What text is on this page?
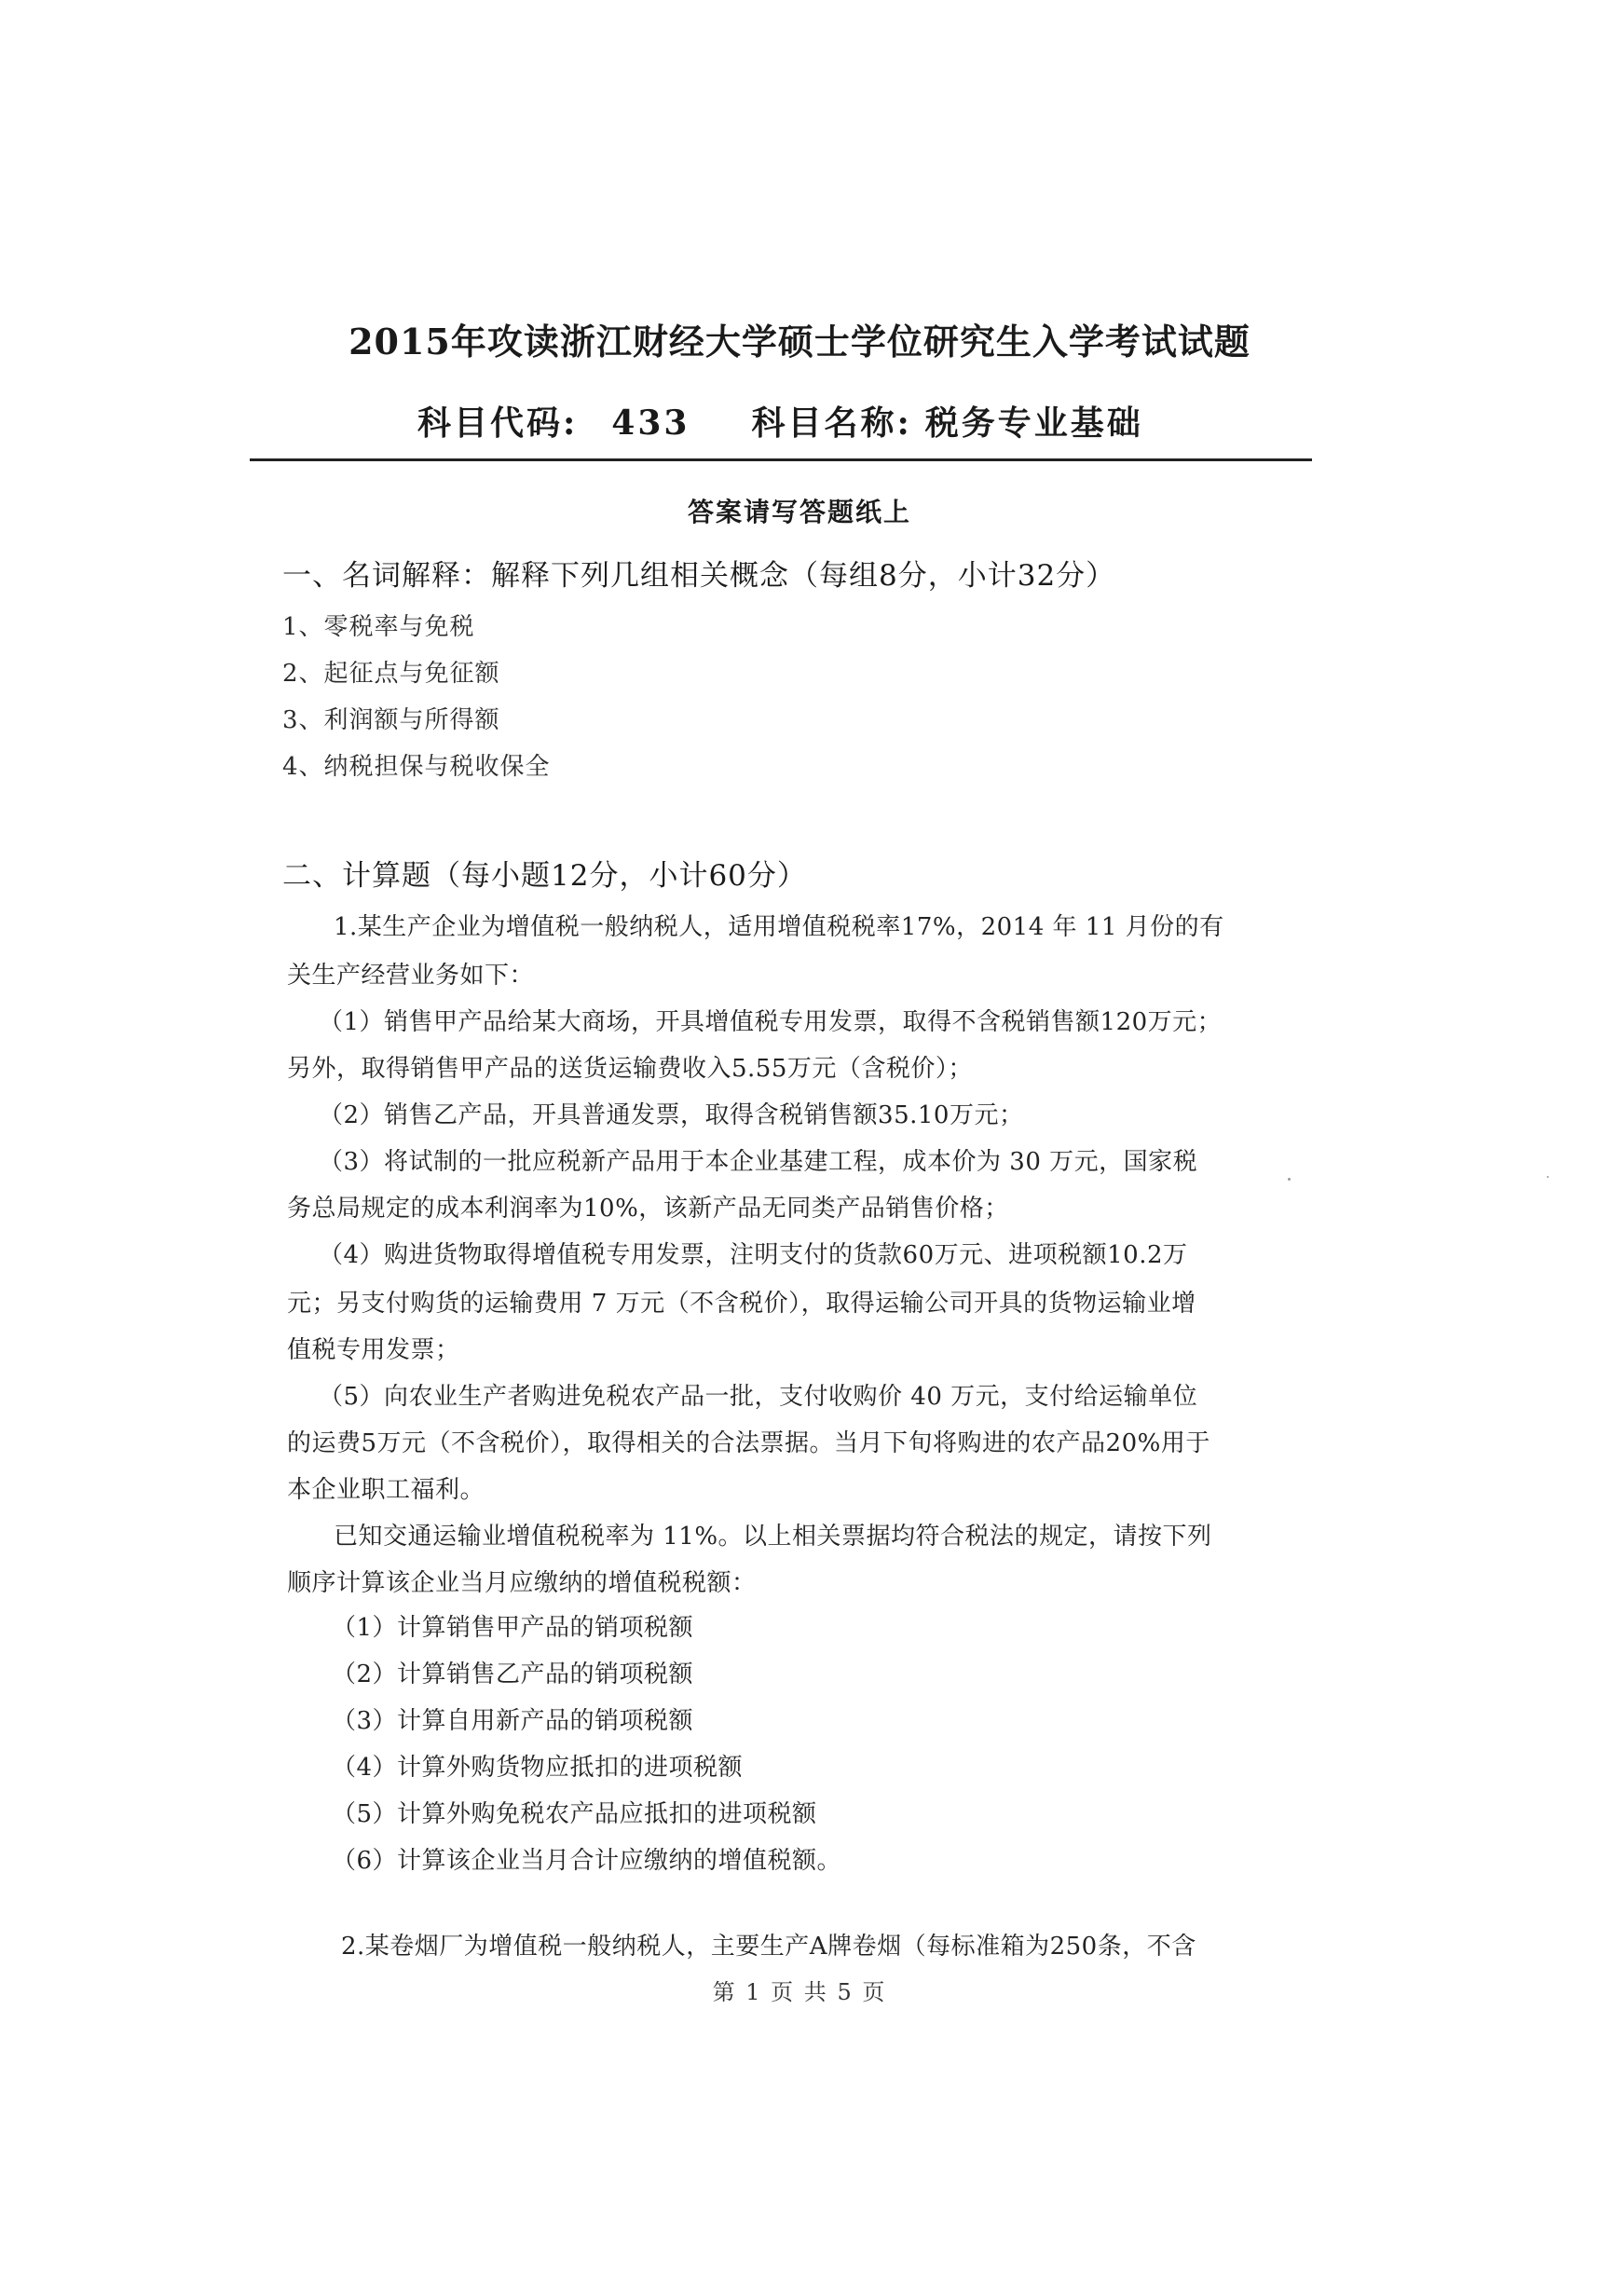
2015年攻读浙江财经大学硕士学位研究生入学考试试题
科目代码: 433 科目名称: 税务专业基础
答案请写答题纸上
一、名词解释：解释下列几组相关概念（每组8分，小计32分）
1、零税率与免税
2、起征点与免征额
3、利润额与所得额
4、纳税担保与税收保全
二、计算题（每小题12分，小计60分）
1.某生产企业为增值税一般纳税人，适用增值税税率17%，2014 年 11 月份的有
关生产经营业务如下：
（1）销售甲产品给某大商场，开具增值税专用发票，取得不含税销售额120万元；
另外，取得销售甲产品的送货运输费收入5.55万元（含税价）；
（2）销售乙产品，开具普通发票，取得含税销售额35.10万元；
（3）将试制的一批应税新产品用于本企业基建工程，成本价为 30 万元，国家税
务总局规定的成本利润率为10%，该新产品无同类产品销售价格；
（4）购进货物取得增值税专用发票，注明支付的货款60万元、进项税额10.2万
元；另支付购货的运输费用 7 万元（不含税价），取得运输公司开具的货物运输业增
值税专用发票；
（5）向农业生产者购进免税农产品一批，支付收购价 40 万元，支付给运输单位
的运费5万元（不含税价），取得相关的合法票据。当月下旬将购进的农产品20%用于
本企业职工福利。
已知交通运输业增值税税率为 11%。以上相关票据均符合税法的规定，请按下列
顺序计算该企业当月应缴纳的增值税税额：
（1）计算销售甲产品的销项税额
（2）计算销售乙产品的销项税额
（3）计算自用新产品的销项税额
（4）计算外购货物应抵扣的进项税额
（5）计算外购免税农产品应抵扣的进项税额
（6）计算该企业当月合计应缴纳的增值税额。
2.某卷烟厂为增值税一般纳税人，主要生产A牌卷烟（每标准箱为250条，不含
第 1 页 共 5 页
